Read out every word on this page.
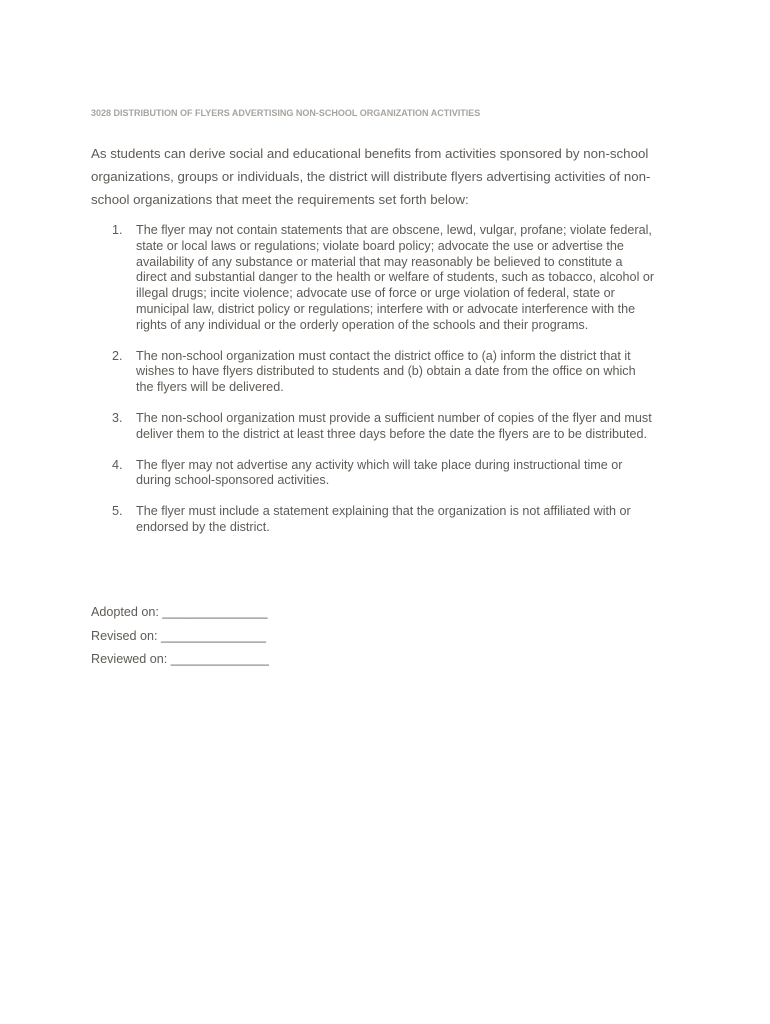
3028 DISTRIBUTION OF FLYERS ADVERTISING NON-SCHOOL ORGANIZATION ACTIVITIES
As students can derive social and educational benefits from activities sponsored by non-school
organizations, groups or individuals, the district will distribute flyers advertising activities of non-
school organizations that meet the requirements set forth below:
1. The flyer may not contain statements that are obscene, lewd, vulgar, profane; violate federal,
state or local laws or regulations; violate board policy; advocate the use or advertise the
availability of any substance or material that may reasonably be believed to constitute a
direct and substantial danger to the health or welfare of students, such as tobacco, alcohol or
illegal drugs; incite violence; advocate use of force or urge violation of federal, state or
municipal law, district policy or regulations; interfere with or advocate interference with the
rights of any individual or the orderly operation of the schools and their programs.
2. The non-school organization must contact the district office to (a) inform the district that it
wishes to have flyers distributed to students and (b) obtain a date from the office on which
the flyers will be delivered.
3. The non-school organization must provide a sufficient number of copies of the flyer and must
deliver them to the district at least three days before the date the flyers are to be distributed.
4. The flyer may not advertise any activity which will take place during instructional time or
during school-sponsored activities.
5. The flyer must include a statement explaining that the organization is not affiliated with or
endorsed by the district.
Adopted on: _______________
Revised on: _______________
Reviewed on: ______________
